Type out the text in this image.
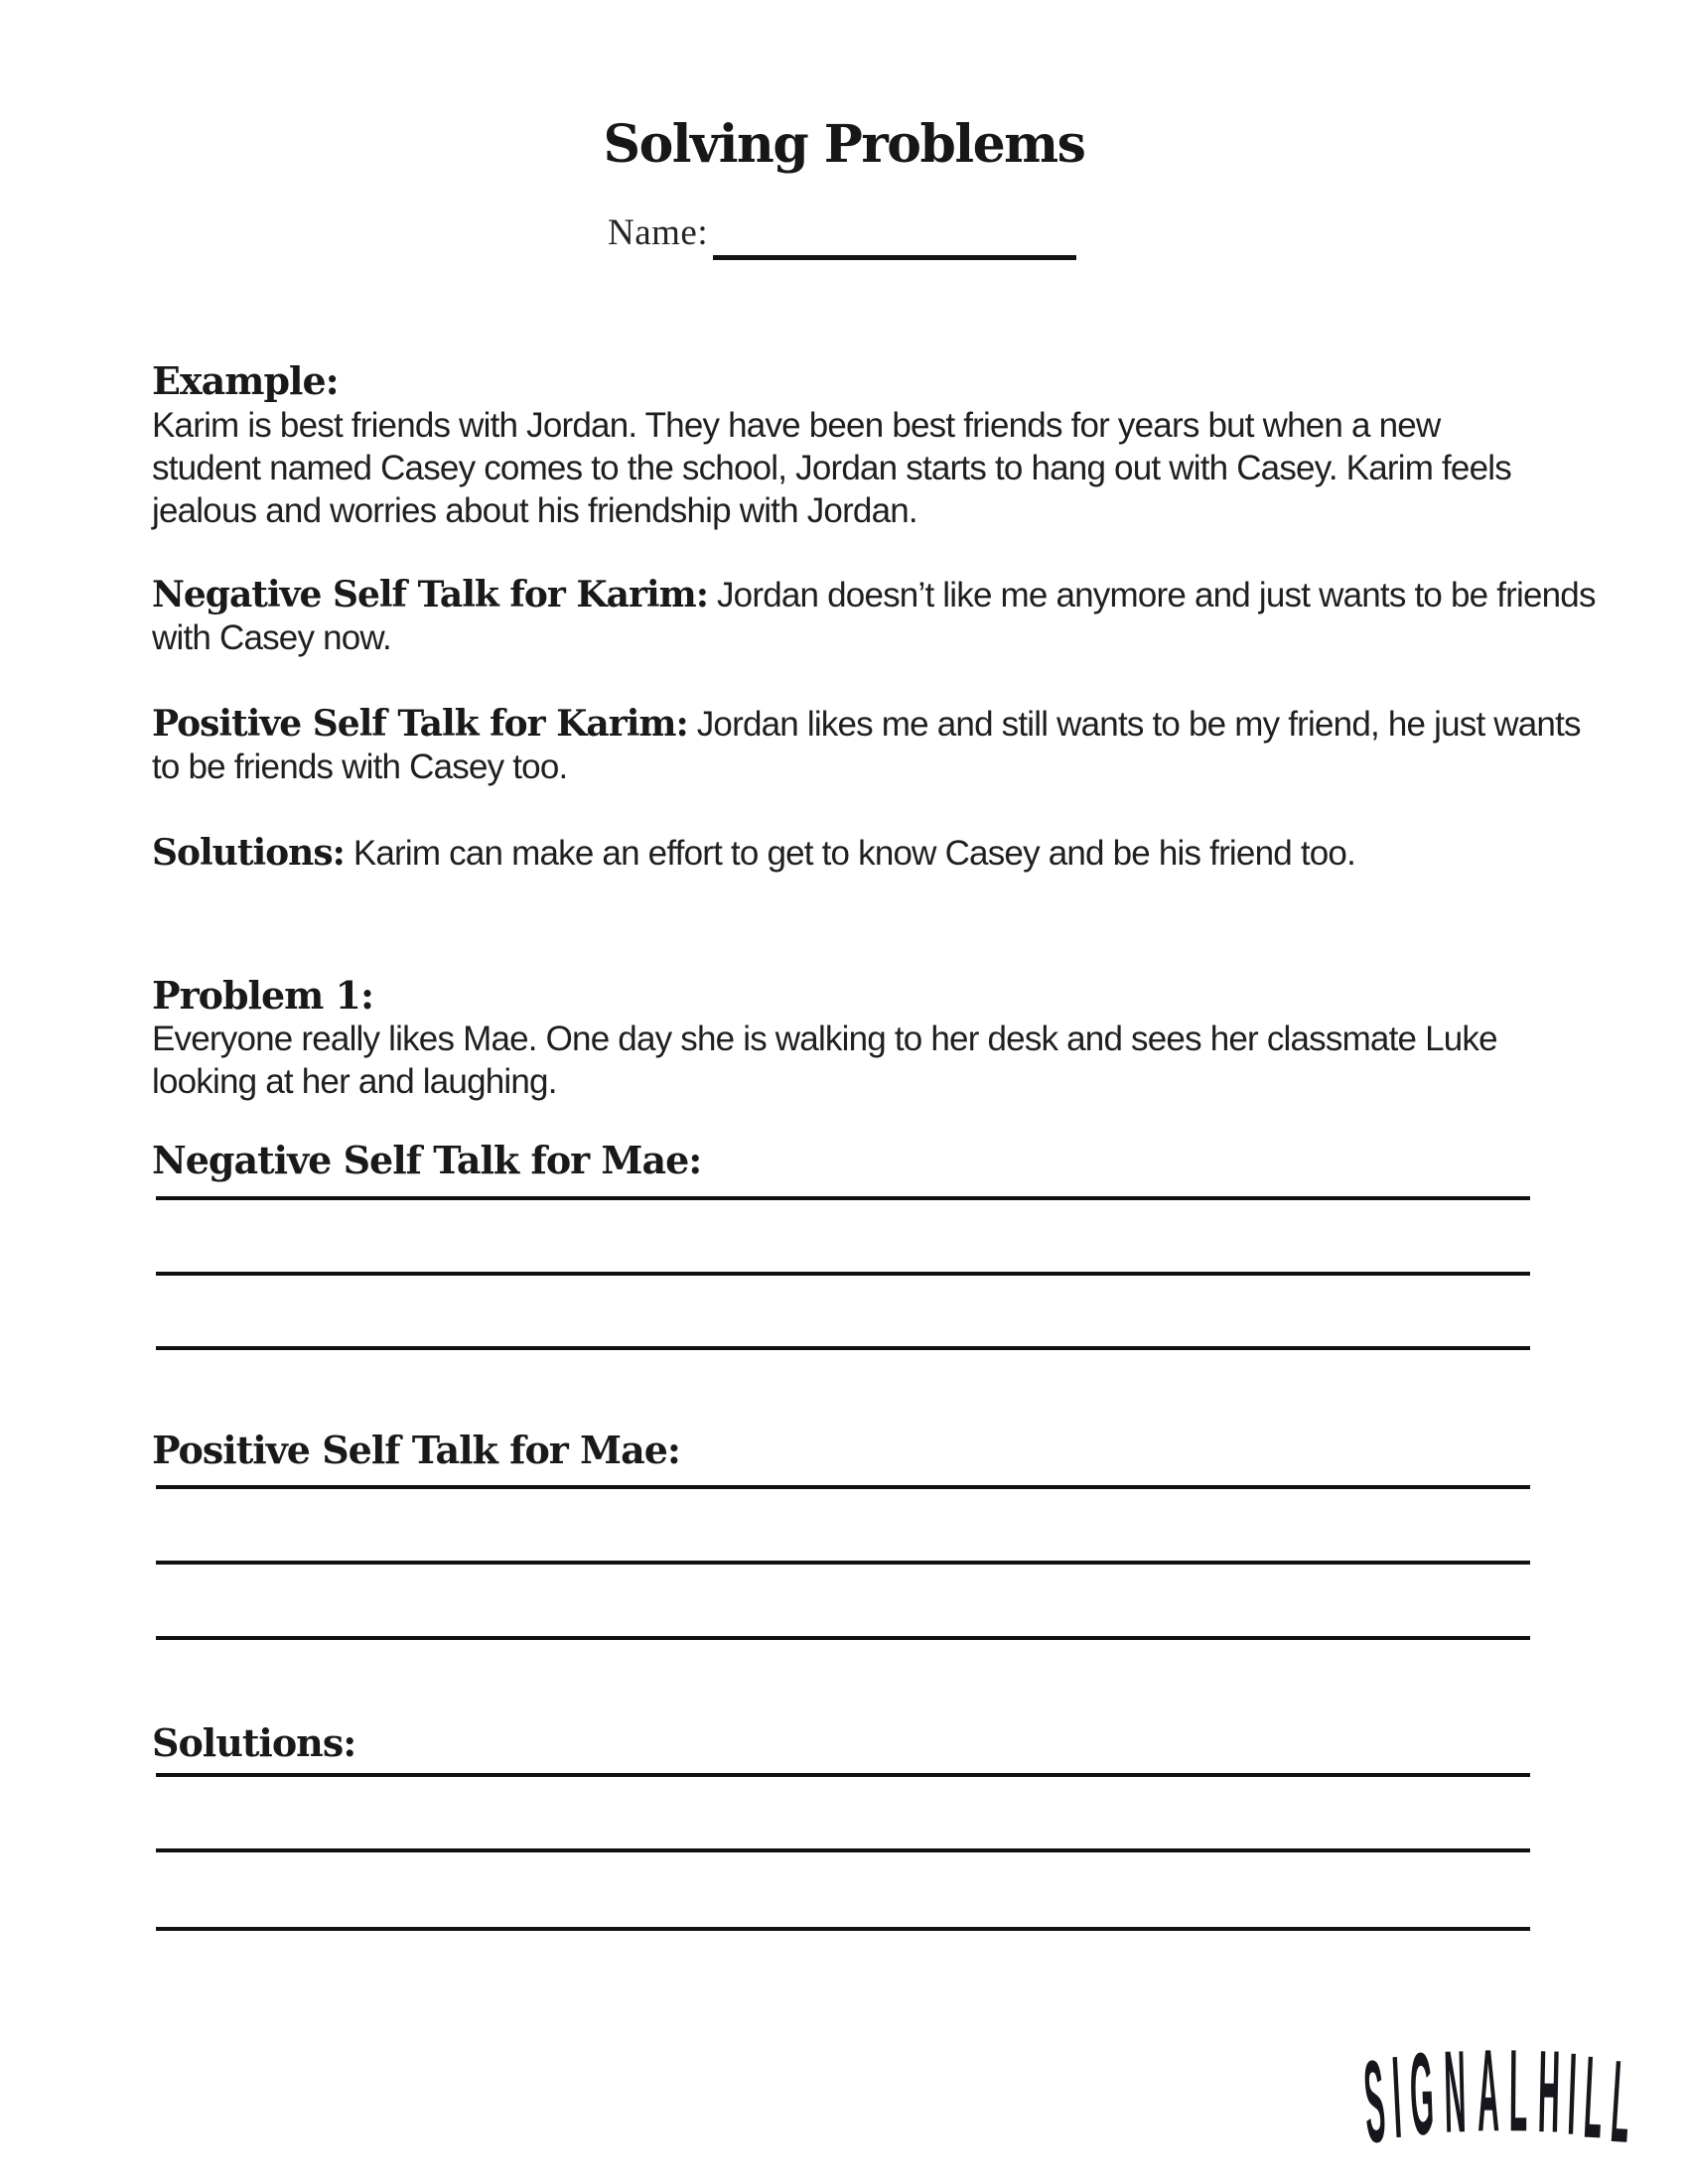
Solving Problems
Name:
Example:
Karim is best friends with Jordan. They have been best friends for years but when a new
student named Casey comes to the school, Jordan starts to hang out with Casey. Karim feels
jealous and worries about his friendship with Jordan.
Negative Self Talk for Karim: Jordan doesn’t like me anymore and just wants to be friends
with Casey now.
Positive Self Talk for Karim: Jordan likes me and still wants to be my friend, he just wants
to be friends with Casey too.
Solutions: Karim can make an effort to get to know Casey and be his friend too.
Problem 1:
Everyone really likes Mae. One day she is walking to her desk and sees her classmate Luke
looking at her and laughing.
Negative Self Talk for Mae:
Positive Self Talk for Mae:
Solutions:
S I G N A L H I L L
